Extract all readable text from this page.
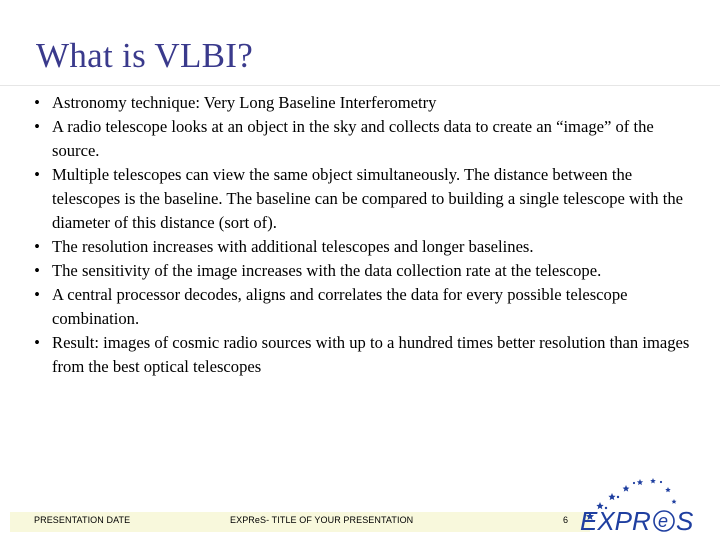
What is VLBI?
• Astronomy technique: Very Long Baseline Interferometry
• A radio telescope looks at an object in the sky and collects data to create an “image” of the source.
• Multiple telescopes can view the same object simultaneously. The distance between the telescopes is the baseline. The baseline can be compared to building a single telescope with the diameter of this distance (sort of).
• The resolution increases with additional telescopes and longer baselines.
• The sensitivity of the image increases with the data collection rate at the telescope.
• A central processor decodes, aligns and correlates the data for every possible telescope combination.
• Result: images of cosmic radio sources with up to a hundred times better resolution than images from the best optical telescopes
PRESENTATION DATE	EXPReS- TITLE OF YOUR PRESENTATION	6 EXPR e S
